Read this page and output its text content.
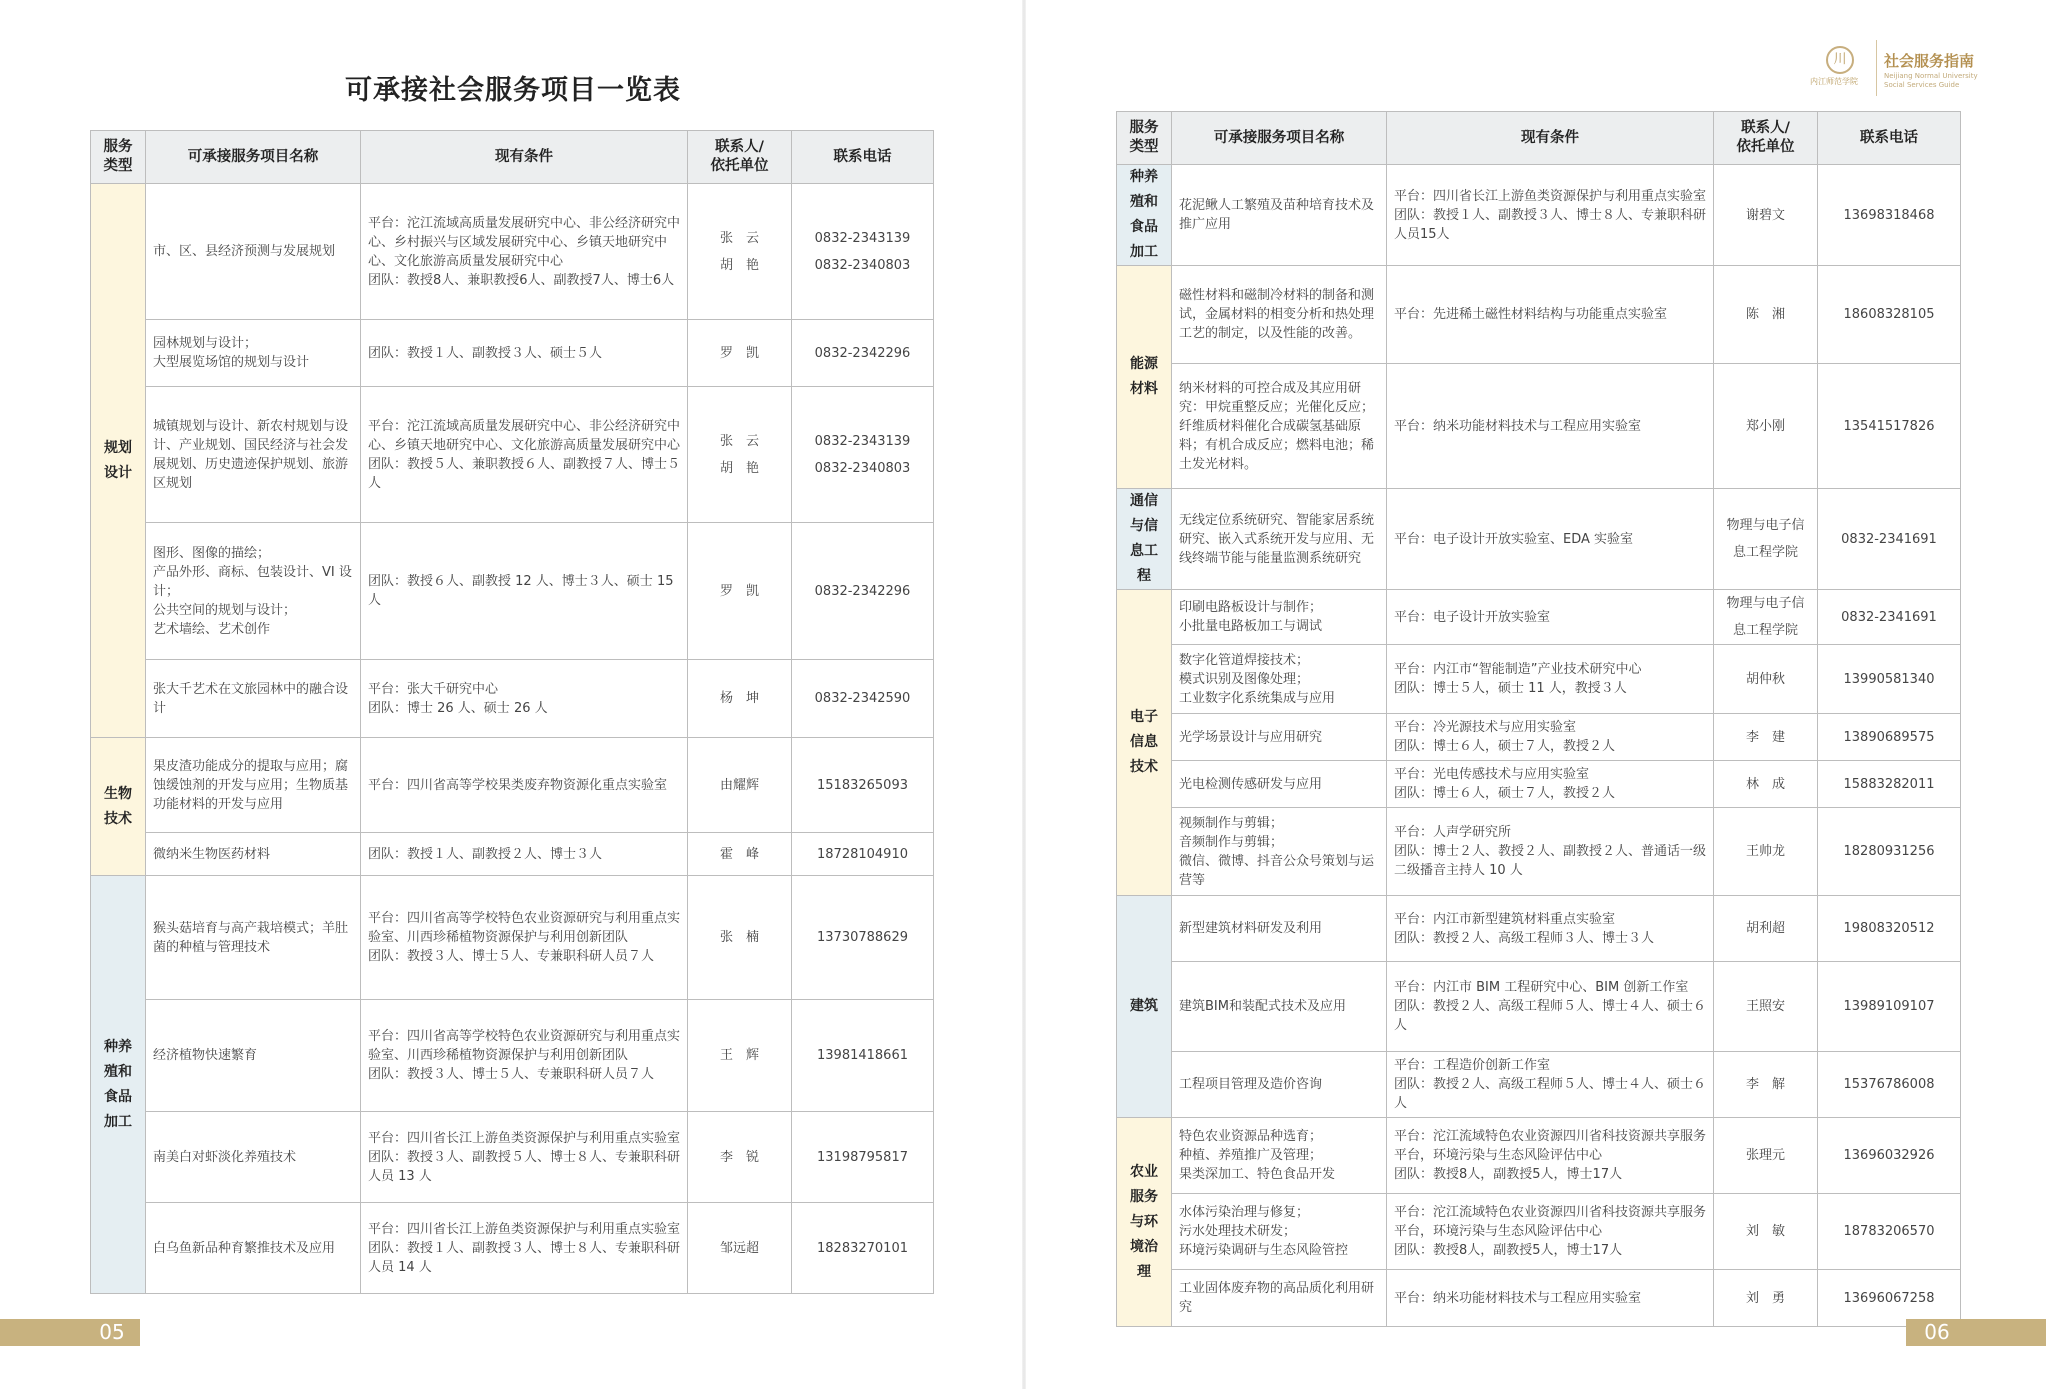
可承接社会服务项目一览表
川
内江师范学院
社会服务指南
Neijiang Normal University
Social Services Guide
服务
类型	可承接服务项目名称	现有条件	联系人/
依托单位	联系电话

规划
设计	市、区、县经济预测与发展规划	平台：沱江流域高质量发展研究中心、非公经济研究中心、乡村振兴与区域发展研究中心、乡镇天地研究中心、文化旅游高质量发展研究中心
团队：教授8人、兼职教授6人、副教授7人、博士6人	张　云
胡　艳	0832-2343139
0832-2340803

	园林规划与设计；
大型展览场馆的规划与设计	团队：教授１人、副教授３人、硕士５人	罗　凯	0832-2342296

	城镇规划与设计、新农村规划与设计、产业规划、国民经济与社会发展规划、历史遗迹保护规划、旅游区规划	平台：沱江流域高质量发展研究中心、非公经济研究中心、乡镇天地研究中心、文化旅游高质量发展研究中心
团队：教授５人、兼职教授６人、副教授７人、博士５人	张　云
胡　艳	0832-2343139
0832-2340803

	图形、图像的描绘；
产品外形、商标、包装设计、VI 设计；
公共空间的规划与设计；
艺术墙绘、艺术创作	团队：教授６人、副教授 12 人、博士３人、硕士 15 人	罗　凯	0832-2342296

	张大千艺术在文旅园林中的融合设计	平台：张大千研究中心
团队：博士 26 人、硕士 26 人	杨　坤	0832-2342590

生物
技术	果皮渣功能成分的提取与应用；腐蚀缓蚀剂的开发与应用；生物质基功能材料的开发与应用	平台：四川省高等学校果类废弃物资源化重点实验室	由耀辉	15183265093

	微纳米生物医药材料	团队：教授１人、副教授２人、博士３人	霍　峰	18728104910

种养
殖和
食品
加工	猴头菇培育与高产栽培模式；羊肚菌的种植与管理技术	平台：四川省高等学校特色农业资源研究与利用重点实验室、川西珍稀植物资源保护与利用创新团队
团队：教授３人、博士５人、专兼职科研人员７人	张　楠	13730788629

	经济植物快速繁育	平台：四川省高等学校特色农业资源研究与利用重点实验室、川西珍稀植物资源保护与利用创新团队
团队：教授３人、博士５人、专兼职科研人员７人	王　辉	13981418661

	南美白对虾淡化养殖技术	平台：四川省长江上游鱼类资源保护与利用重点实验室
团队：教授３人、副教授５人、博士８人、专兼职科研人员 13 人	李　锐	13198795817

	白乌鱼新品种育繁推技术及应用	平台：四川省长江上游鱼类资源保护与利用重点实验室
团队：教授１人、副教授３人、博士８人、专兼职科研人员 14 人	邹远超	18283270101
服务
类型	可承接服务项目名称	现有条件	联系人/
依托单位	联系电话

种养
殖和
食品
加工	花泥鳅人工繁殖及苗种培育技术及推广应用	平台：四川省长江上游鱼类资源保护与利用重点实验室
团队：教授１人、副教授３人、博士８人、专兼职科研人员15人	谢碧文	13698318468

能源
材料	磁性材料和磁制冷材料的制备和测试，金属材料的相变分析和热处理工艺的制定，以及性能的改善。	平台：先进稀土磁性材料结构与功能重点实验室	陈　湘	18608328105

	纳米材料的可控合成及其应用研究：甲烷重整反应；光催化反应；纤维质材料催化合成碳氢基础原料；有机合成反应；燃料电池；稀土发光材料。	平台：纳米功能材料技术与工程应用实验室	郑小刚	13541517826

通信
与信
息工
程	无线定位系统研究、智能家居系统研究、嵌入式系统开发与应用、无线终端节能与能量监测系统研究	平台：电子设计开放实验室、EDA 实验室	物理与电子信
息工程学院	0832-2341691

电子
信息
技术	印刷电路板设计与制作；
小批量电路板加工与调试	平台：电子设计开放实验室	物理与电子信
息工程学院	0832-2341691

	数字化管道焊接技术；
模式识别及图像处理；
工业数字化系统集成与应用	平台：内江市“智能制造”产业技术研究中心
团队：博士５人，硕士 11 人，教授３人	胡仲秋	13990581340

	光学场景设计与应用研究	平台：冷光源技术与应用实验室
团队：博士６人，硕士７人，教授２人	李　建	13890689575

	光电检测传感研发与应用	平台：光电传感技术与应用实验室
团队：博士６人，硕士７人，教授２人	林　成	15883282011

	视频制作与剪辑；
音频制作与剪辑；
微信、微博、抖音公众号策划与运营等	平台：人声学研究所
团队：博士２人、教授２人、副教授２人、普通话一级二级播音主持人 10 人	王帅龙	18280931256

建筑	新型建筑材料研发及利用	平台：内江市新型建筑材料重点实验室
团队：教授２人、高级工程师３人、博士３人	胡利超	19808320512

	建筑BIM和装配式技术及应用	平台：内江市 BIM 工程研究中心、BIM 创新工作室
团队：教授２人、高级工程师５人、博士４人、硕士６人	王照安	13989109107

	工程项目管理及造价咨询	平台：工程造价创新工作室
团队：教授２人、高级工程师５人、博士４人、硕士６人	李　解	15376786008

农业
服务
与环
境治
理	特色农业资源品种选育；
种植、养殖推广及管理；
果类深加工、特色食品开发	平台：沱江流域特色农业资源四川省科技资源共享服务平台，环境污染与生态风险评估中心
团队：教授8人，副教授5人，博士17人	张理元	13696032926

	水体污染治理与修复；
污水处理技术研发；
环境污染调研与生态风险管控	平台：沱江流域特色农业资源四川省科技资源共享服务平台，环境污染与生态风险评估中心
团队：教授8人，副教授5人，博士17人	刘　敏	18783206570

	工业固体废弃物的高品质化利用研究	平台：纳米功能材料技术与工程应用实验室	刘　勇	13696067258
05	06
